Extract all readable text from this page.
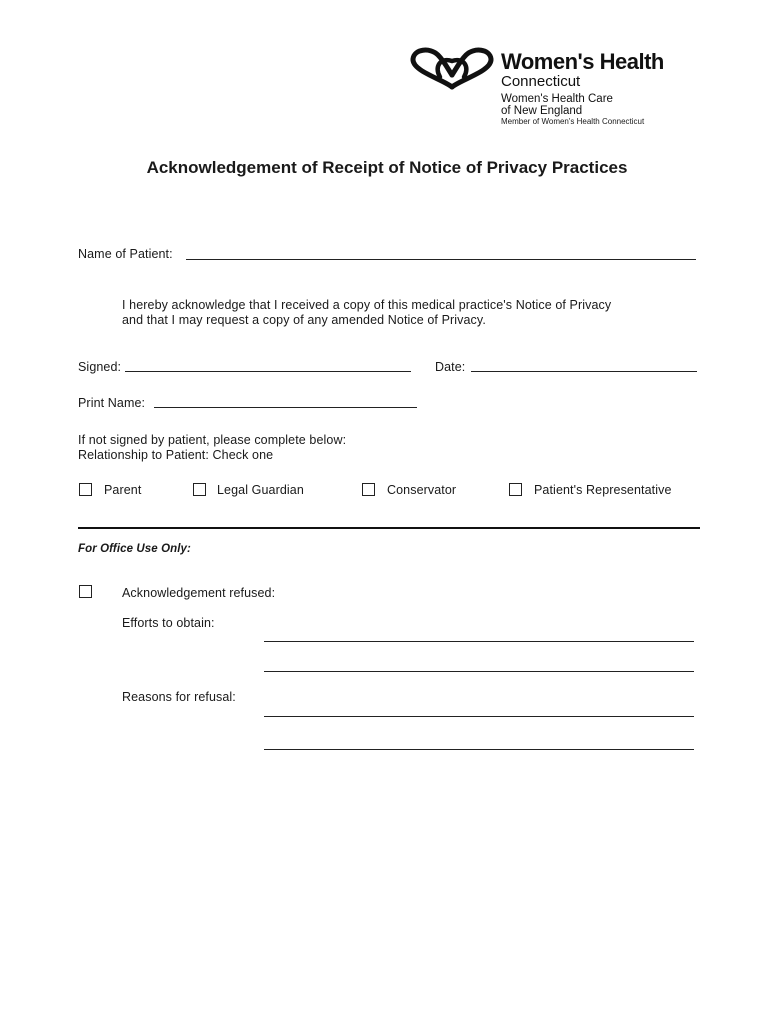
Women's Health
Connecticut
Women's Health Care
of New England
Member of Women's Health Connecticut
Acknowledgement of Receipt of Notice of Privacy Practices
Name of Patient:
I hereby acknowledge that I received a copy of this medical practice's Notice of Privacy
and that I may request a copy of any amended Notice of Privacy.
Signed:	Date:
Print Name:
If not signed by patient, please complete below:
Relationship to Patient: Check one
Parent	Legal Guardian	Conservator	Patient's Representative
For Office Use Only:
Acknowledgement refused:
Efforts to obtain:
Reasons for refusal:
